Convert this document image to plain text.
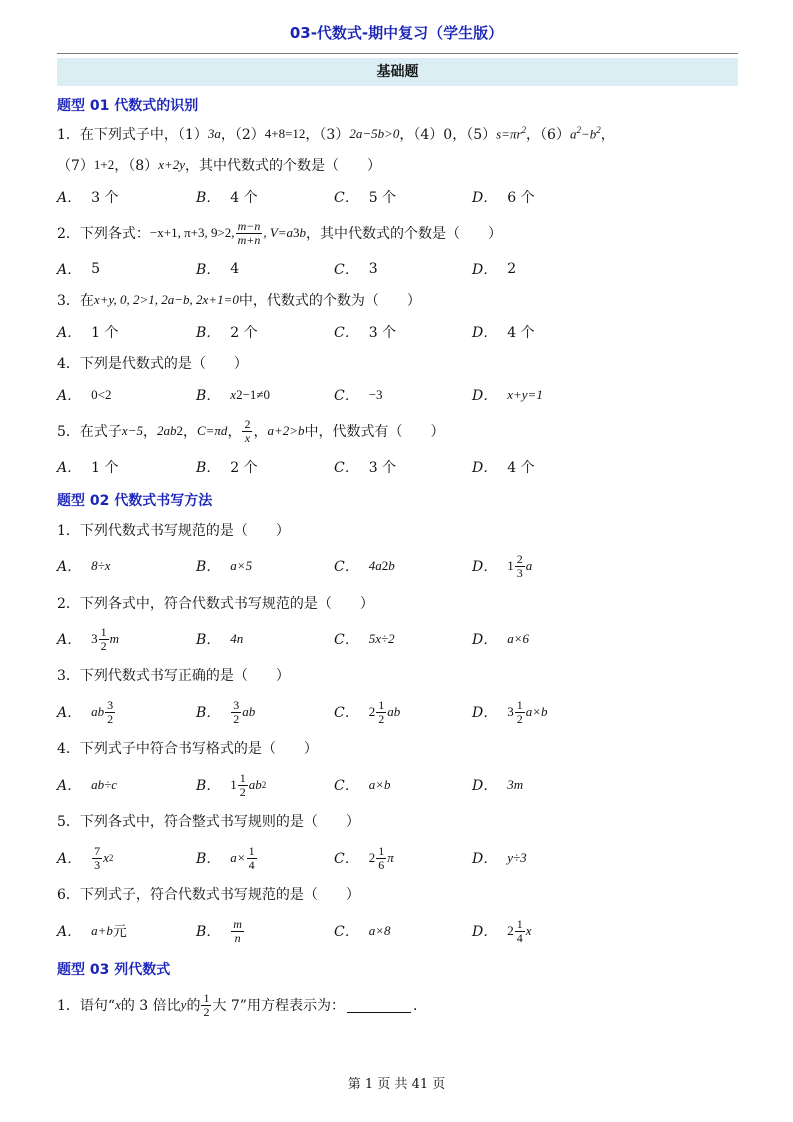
03-代数式-期中复习（学生版）
基础题
题型 01 代数式的识别
1．在下列式子中，（1） 3a ，（2） 4+8=12 ，（3） 2a−5b>0 ，（4）0，（5） $s=\pi r^2$ ，（6） $a^2-b^2$ ，
（7） 1+2 ，（8） x+2y ，其中代数式的个数是（　　）
A． 3 个	B． 4 个	C． 5 个	D． 6 个
2．下列各式： −x+1, π+3, 9>2, $\frac{m-n}{m+n}$ , V=a 3 b ，其中代数式的个数是（　　）
A． 5	B． 4	C． 3	D． 2
3．在 x+y, 0, 2>1, 2a−b, 2x+1=0 中，代数式的个数为（　　）
A． 1 个	B． 2 个	C． 3 个	D． 4 个
4．下列是代数式的是（　　）
A． 0<2	B． x 2 −1≠0	C． −3	D． x+y=1
5．在式子 x−5 ， 2ab 2 ， C=πd ， $\frac{2}{x}$ ， a+2>b 中，代数式有（　　）
A． 1 个	B． 2 个	C． 3 个	D． 4 个
题型 02 代数式书写方法
1．下列代数式书写规范的是（　　）
A． 8÷x	B． a×5	C． 4a 2 b	D． $1 \frac{2}{3}$ a
2．下列各式中，符合代数式书写规范的是（　　）
A． $3 \frac{1}{2}$ m	B． 4n	C． 5x÷2	D． a×6
3．下列代数式书写正确的是（　　）
A． ab $\frac{3}{2}$	B． $\frac{3}{2}$ ab	C． $2 \frac{1}{2}$ ab	D． $3 \frac{1}{2} a\times b$
4．下列式子中符合书写格式的是（　　）
A． ab÷c	B． $1 \frac{1}{2}$ ab 2	C． a×b	D． 3m
5．下列各式中，符合整式书写规则的是（　　）
A． $\frac{7}{3}$ x 2	B． $a\times \frac{1}{4}$	C． $2 \frac{1}{6}$ π	D． y÷3
6．下列式子，符合代数式书写规范的是（　　）
A． a+b 元	B． $\frac{m}{n}$	C． a×8	D． $2 \frac{1}{4}$ x
题型 03 列代数式
1．语句“ x 的 3 倍比 y 的 $\frac{1}{2}$ 大 7”用方程表示为：	．
第 1 页 共 41 页
